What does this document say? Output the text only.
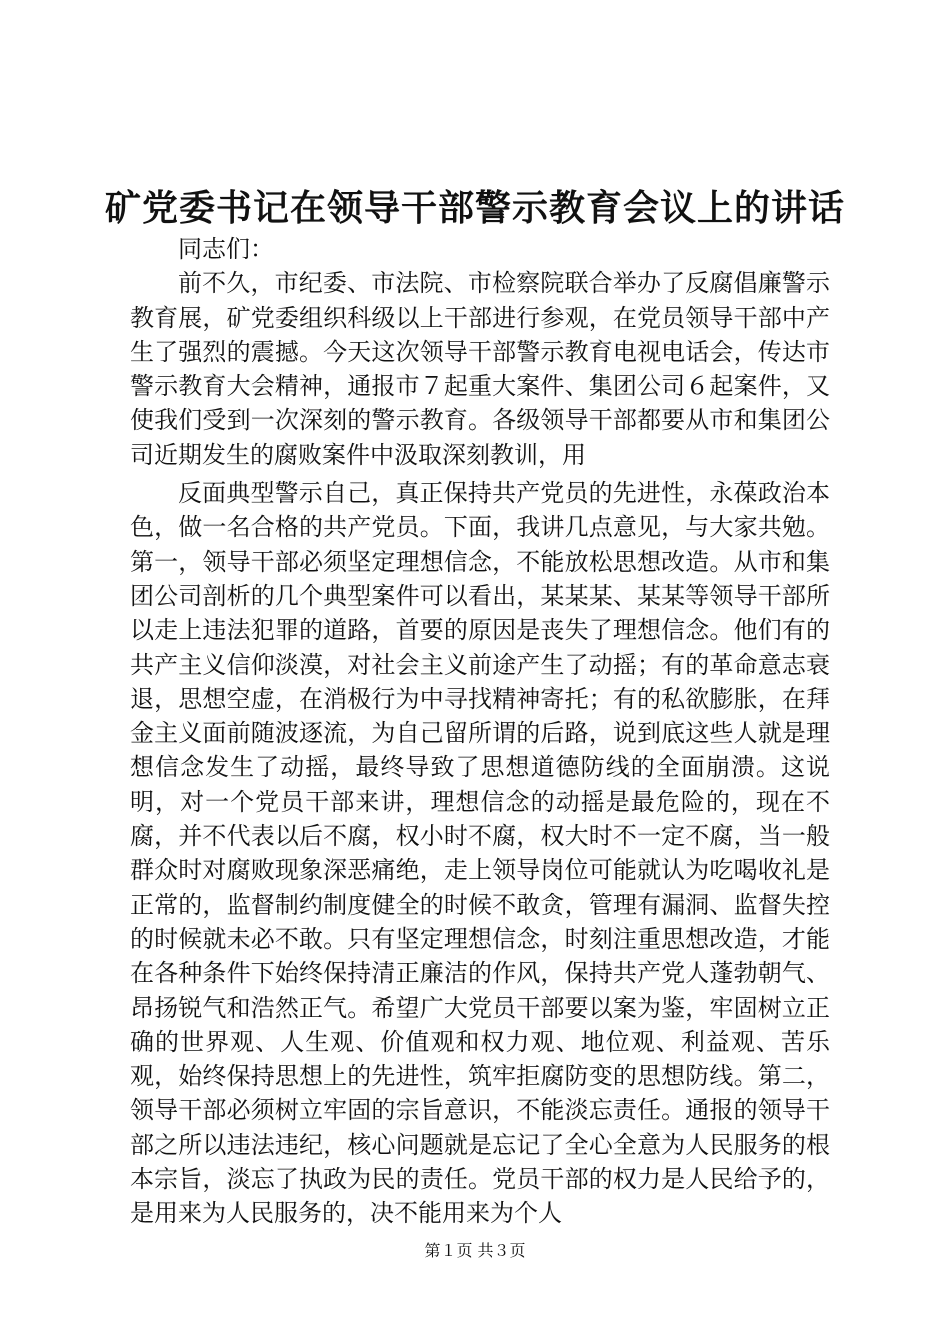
矿党委书记在领导干部警示教育会议上的讲话

同志们：

前不久，市纪委、市法院、市检察院联合举办了反腐倡廉警示教育展，矿党委组织科级以上干部进行参观，在党员领导干部中产生了强烈的震撼。今天这次领导干部警示教育电视电话会，传达市警示教育大会精神，通报市７起重大案件、集团公司６起案件，又使我们受到一次深刻的警示教育。各级领导干部都要从市和集团公司近期发生的腐败案件中汲取深刻教训，用

反面典型警示自己，真正保持共产党员的先进性，永葆政治本色，做一名合格的共产党员。下面，我讲几点意见，与大家共勉。第一，领导干部必须坚定理想信念，不能放松思想改造。从市和集团公司剖析的几个典型案件可以看出，某某某、某某等领导干部所以走上违法犯罪的道路，首要的原因是丧失了理想信念。他们有的共产主义信仰淡漠，对社会主义前途产生了动摇；有的革命意志衰退，思想空虚，在消极行为中寻找精神寄托；有的私欲膨胀，在拜金主义面前随波逐流，为自己留所谓的后路，说到底这些人就是理想信念发生了动摇，最终导致了思想道德防线的全面崩溃。这说明，对一个党员干部来讲，理想信念的动摇是最危险的，现在不腐，并不代表以后不腐，权小时不腐，权大时不一定不腐，当一般群众时对腐败现象深恶痛绝，走上领导岗位可能就认为吃喝收礼是正常的，监督制约制度健全的时候不敢贪，管理有漏洞、监督失控的时候就未必不敢。只有坚定理想信念，时刻注重思想改造，才能在各种条件下始终保持清正廉洁的作风，保持共产党人蓬勃朝气、昂扬锐气和浩然正气。希望广大党员干部要以案为鉴，牢固树立正确的世界观、人生观、价值观和权力观、地位观、利益观、苦乐观，始终保持思想上的先进性，筑牢拒腐防变的思想防线。第二，领导干部必须树立牢固的宗旨意识，不能淡忘责任。通报的领导干部之所以违法违纪，核心问题就是忘记了全心全意为人民服务的根本宗旨，淡忘了执政为民的责任。党员干部的权力是人民给予的，是用来为人民服务的，决不能用来为个人

第１页 共３页
